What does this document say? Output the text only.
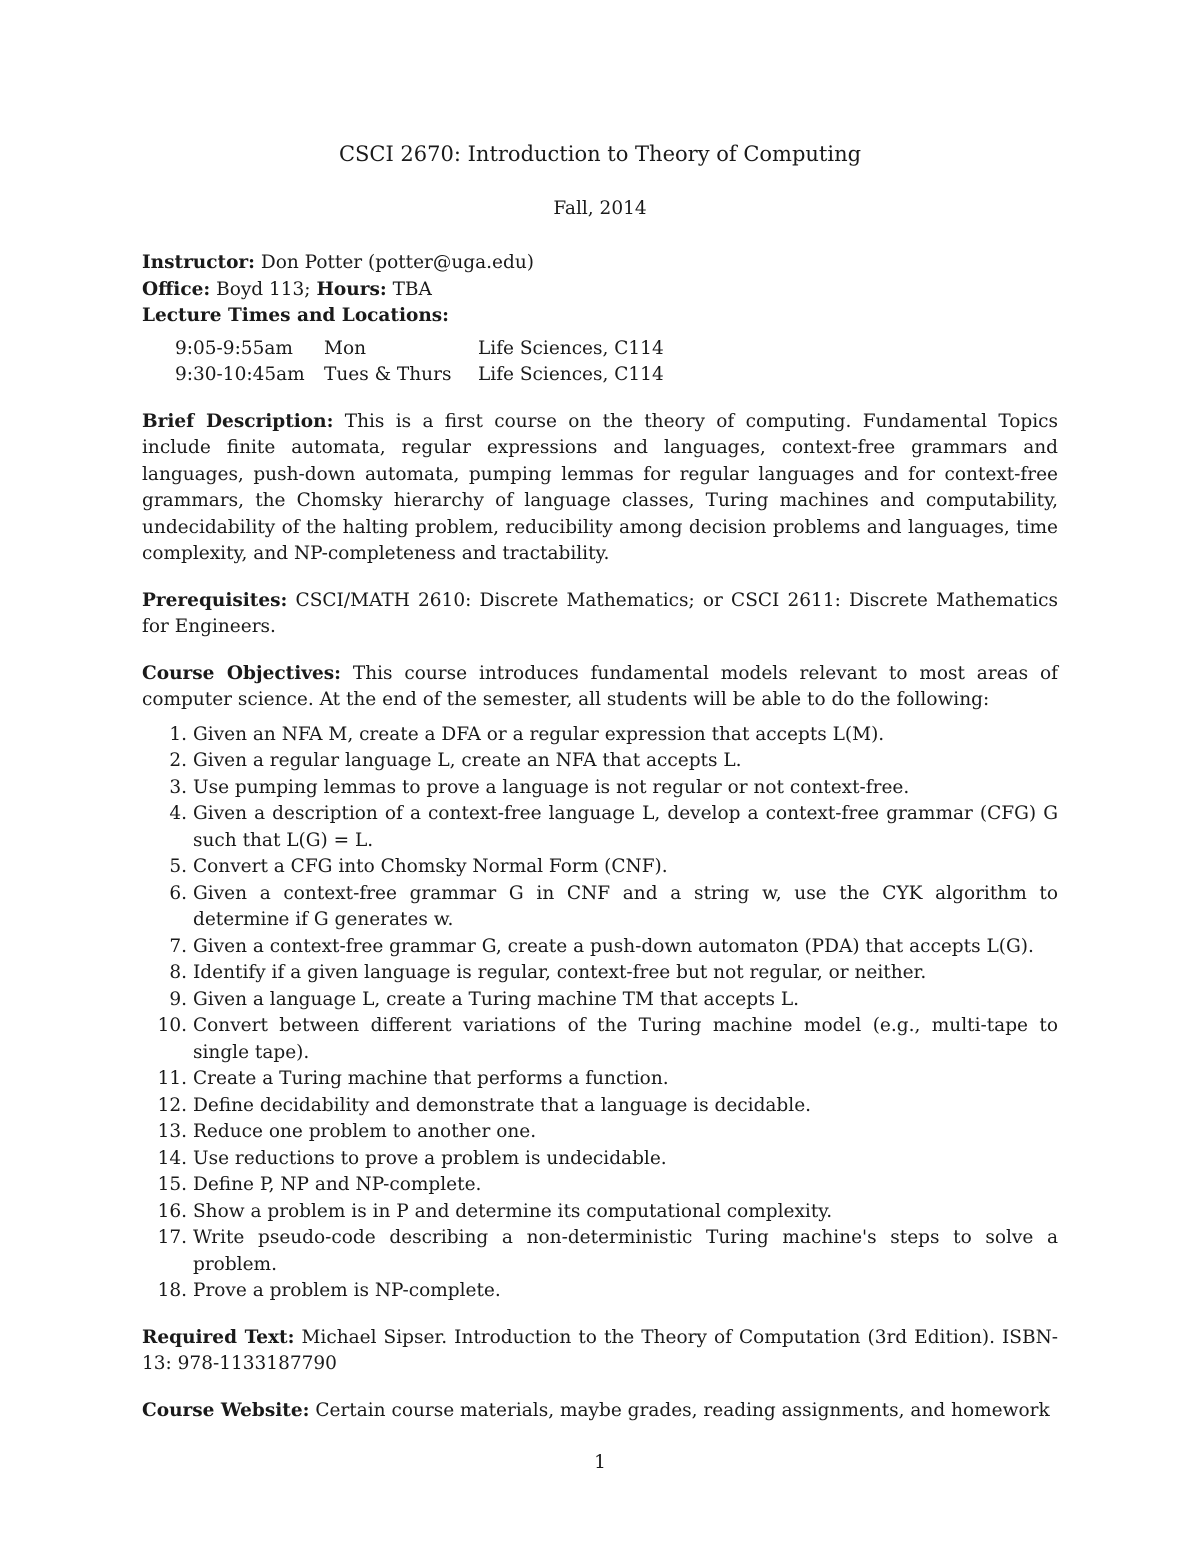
CSCI 2670: Introduction to Theory of Computing

Fall, 2014

Instructor: Don Potter (potter@uga.edu)

Office: Boyd 113; Hours: TBA

Lecture Times and Locations:

9:05-9:55am	Mon	Life Sciences, C114
9:30-10:45am	Tues & Thurs	Life Sciences, C114

Brief Description: This is a first course on the theory of computing. Fundamental Topics include finite automata, regular expressions and languages, context-free grammars and languages, push-down automata, pumping lemmas for regular languages and for context-free grammars, the Chomsky hierarchy of language classes, Turing machines and computability, undecidability of the halting problem, reducibility among decision problems and languages, time complexity, and NP-completeness and tractability.

Prerequisites: CSCI/MATH 2610: Discrete Mathematics; or CSCI 2611: Discrete Mathematics for Engineers.

Course Objectives: This course introduces fundamental models relevant to most areas of computer science. At the end of the semester, all students will be able to do the following:

1. Given an NFA M, create a DFA or a regular expression that accepts L(M).
2. Given a regular language L, create an NFA that accepts L.
3. Use pumping lemmas to prove a language is not regular or not context-free.
4. Given a description of a context-free language L, develop a context-free grammar (CFG) G such that L(G) = L.
5. Convert a CFG into Chomsky Normal Form (CNF).
6. Given a context-free grammar G in CNF and a string w, use the CYK algorithm to determine if G generates w.
7. Given a context-free grammar G, create a push-down automaton (PDA) that accepts L(G).
8. Identify if a given language is regular, context-free but not regular, or neither.
9. Given a language L, create a Turing machine TM that accepts L.
10. Convert between different variations of the Turing machine model (e.g., multi-tape to single tape).
11. Create a Turing machine that performs a function.
12. Define decidability and demonstrate that a language is decidable.
13. Reduce one problem to another one.
14. Use reductions to prove a problem is undecidable.
15. Define P, NP and NP-complete.
16. Show a problem is in P and determine its computational complexity.
17. Write pseudo-code describing a non-deterministic Turing machine's steps to solve a problem.
18. Prove a problem is NP-complete.

Required Text: Michael Sipser. Introduction to the Theory of Computation (3rd Edition). ISBN-13: 978-1133187790

Course Website: Certain course materials, maybe grades, reading assignments, and homework

1
